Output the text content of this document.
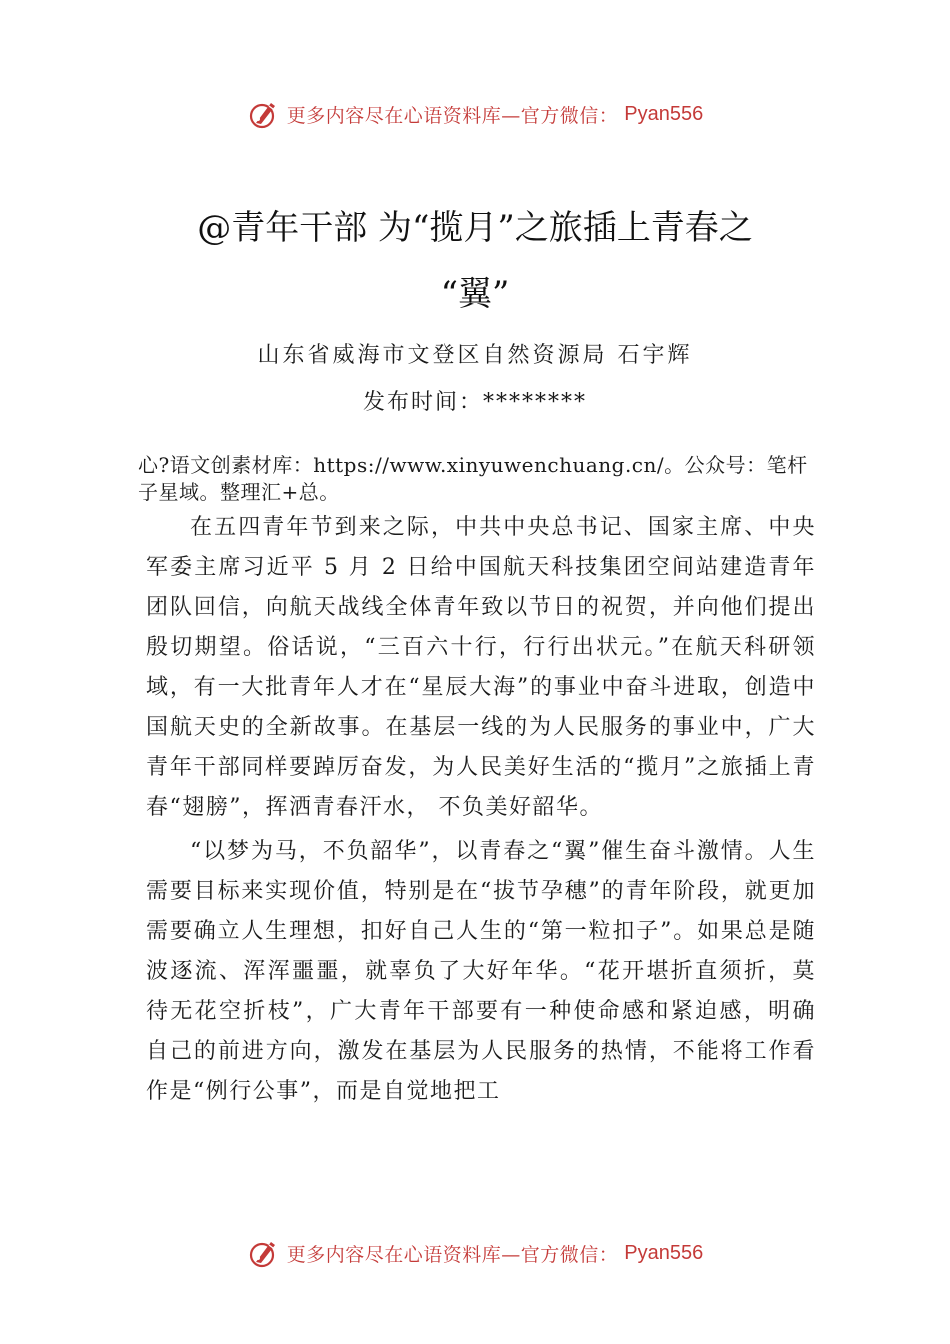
更多内容尽在心语资料库—官方微信： Pyan556
@青年干部 为“揽月”之旅插上青春之
“翼”
山东省威海市文登区自然资源局 石宇辉
发布时间：********
心?语文创素材库：https://www.xinyuwenchuang.cn/。公众号：笔杆子星域。整理汇+总。

在五四青年节到来之际，中共中央总书记、国家主席、中央军委主席习近平 5 月 2 日给中国航天科技集团空间站建造青年团队回信，向航天战线全体青年致以节日的祝贺，并向他们提出殷切期望。俗话说，“三百六十行，行行出状元。”在航天科研领域，有一大批青年人才在“星辰大海”的事业中奋斗进取，创造中国航天史的全新故事。在基层一线的为人民服务的事业中，广大青年干部同样要踔厉奋发，为人民美好生活的“揽月”之旅插上青春“翅膀”，挥洒青春汗水， 不负美好韶华。

“以梦为马，不负韶华”，以青春之“翼”催生奋斗激情。人生需要目标来实现价值，特别是在“拔节孕穗”的青年阶段，就更加需要确立人生理想，扣好自己人生的“第一粒扣子”。如果总是随波逐流、浑浑噩噩，就辜负了大好年华。“花开堪折直须折，莫待无花空折枝”，广大青年干部要有一种使命感和紧迫感，明确自己的前进方向，激发在基层为人民服务的热情，不能将工作看作是“例行公事”，而是自觉地把工

更多内容尽在心语资料库—官方微信： Pyan556
